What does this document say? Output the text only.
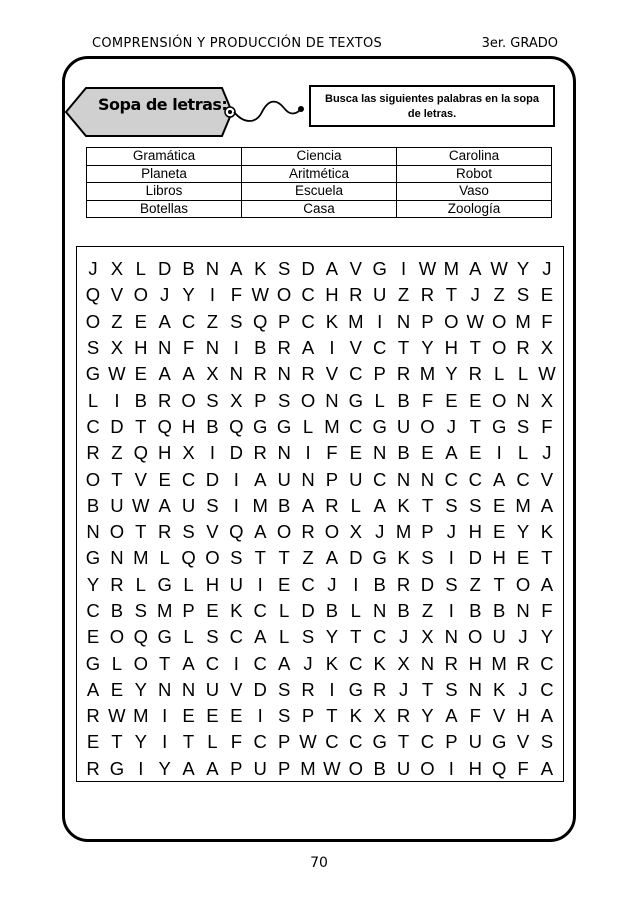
COMPRENSIÓN Y PRODUCCIÓN DE TEXTOS	3er. GRADO
Sopa de letras:	Busca las siguientes palabras en la sopa de letras.
Gramática	Ciencia	Carolina
Planeta	Aritmética	Robot
Libros	Escuela	Vaso
Botellas	Casa	Zoología
J X L D B N A K S D A V G I W M A W Y J
Q V O J Y I F W O C H R U Z R T J Z S E
O Z E A C Z S Q P C K M I N P O W O M F
S X H N F N I B R A I V C T Y H T O R X
G W E A A X N R N R V C P R M Y R L L W
L I B R O S X P S O N G L B F E E O N X
C D T Q H B Q G G L M C G U O J T G S F
R Z Q H X I D R N I F E N B E A E I L J
O T V E C D I A U N P U C N N C C A C V
B U W A U S I M B A R L A K T S S E M A
N O T R S V Q A O R O X J M P J H E Y K
G N M L Q O S T T Z A D G K S I D H E T
Y R L G L H U I E C J I B R D S Z T O A
C B S M P E K C L D B L N B Z I B B N F
E O Q G L S C A L S Y T C J X N O U J Y
G L O T A C I C A J K C K X N R H M R C
A E Y N N U V D S R I G R J T S N K J C
R W M I E E E I S P T K X R Y A F V H A
E T Y I T L F C P W C C G T C P U G V S
R G I Y A A P U P M W O B U O I H Q F A
70
